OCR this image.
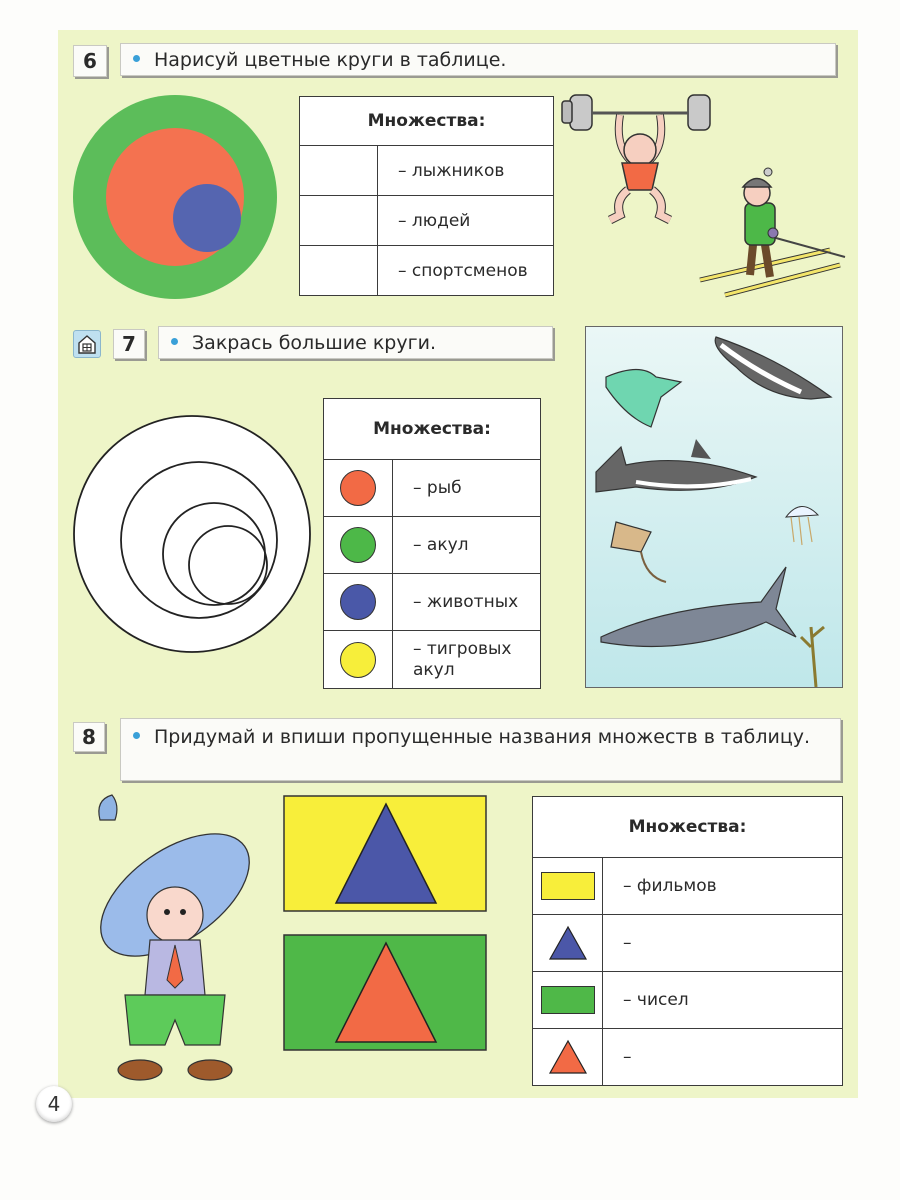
6	Нарисуй цветные круги в таблице.
Множества:	
	– лыжников
	– людей
	– спортсменов
7	Закрась большие круги.
Множества:	
	– рыб
	– акул
	– животных
	– тигровых акул
8	Придумай и впиши пропущенные названия множеств в таблицу.
Множества:	
	– фильмов
	–
	– чисел
	–
4
